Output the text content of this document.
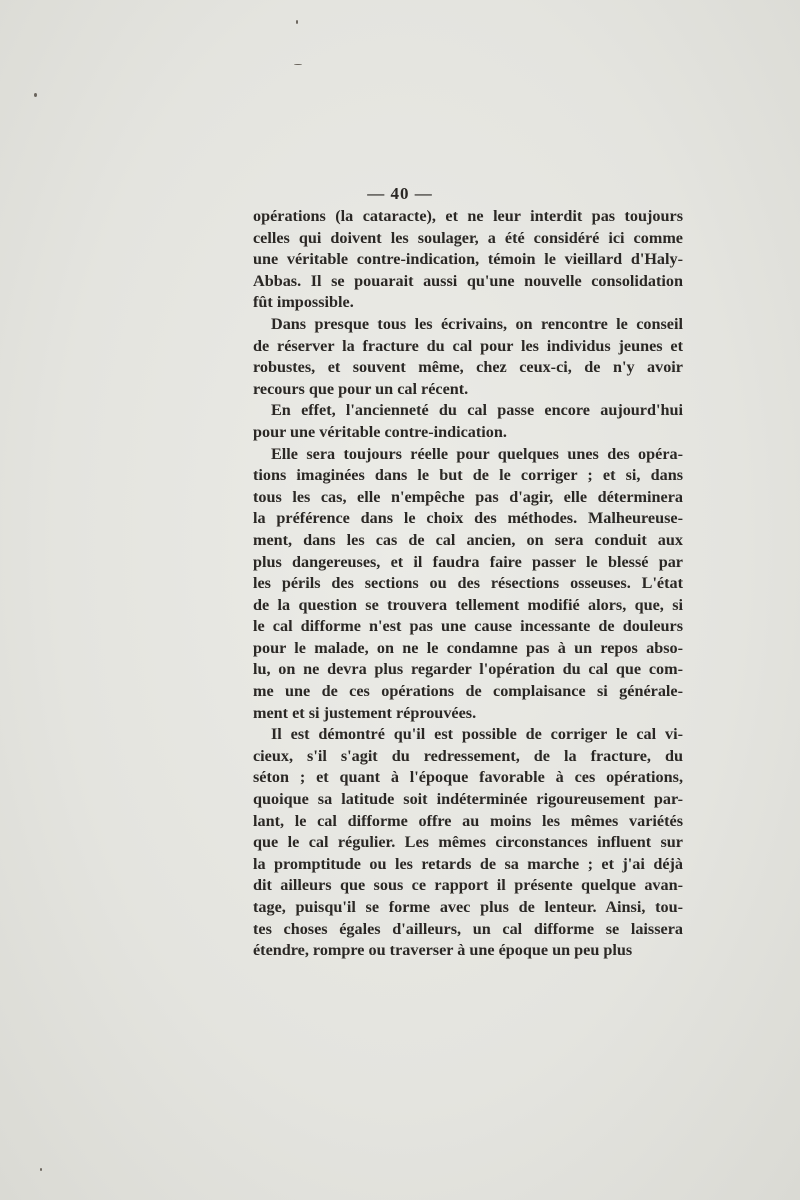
— 40 —
opérations (la cataracte), et ne leur interdit pas toujours
celles qui doivent les soulager, a été considéré ici comme
une véritable contre-indication, témoin le vieillard d'Haly-
Abbas. Il se pouarait aussi qu'une nouvelle consolidation
fût impossible.
Dans presque tous les écrivains, on rencontre le conseil
de réserver la fracture du cal pour les individus jeunes et
robustes, et souvent même, chez ceux-ci, de n'y avoir
recours que pour un cal récent.
En effet, l'ancienneté du cal passe encore aujourd'hui
pour une véritable contre-indication.
Elle sera toujours réelle pour quelques unes des opéra-
tions imaginées dans le but de le corriger ; et si, dans
tous les cas, elle n'empêche pas d'agir, elle déterminera
la préférence dans le choix des méthodes. Malheureuse-
ment, dans les cas de cal ancien, on sera conduit aux
plus dangereuses, et il faudra faire passer le blessé par
les périls des sections ou des résections osseuses. L'état
de la question se trouvera tellement modifié alors, que, si
le cal difforme n'est pas une cause incessante de douleurs
pour le malade, on ne le condamne pas à un repos abso-
lu, on ne devra plus regarder l'opération du cal que com-
me une de ces opérations de complaisance si générale-
ment et si justement réprouvées.
Il est démontré qu'il est possible de corriger le cal vi-
cieux, s'il s'agit du redressement, de la fracture, du
séton ; et quant à l'époque favorable à ces opérations,
quoique sa latitude soit indéterminée rigoureusement par-
lant, le cal difforme offre au moins les mêmes variétés
que le cal régulier. Les mêmes circonstances influent sur
la promptitude ou les retards de sa marche ; et j'ai déjà
dit ailleurs que sous ce rapport il présente quelque avan-
tage, puisqu'il se forme avec plus de lenteur. Ainsi, tou-
tes choses égales d'ailleurs, un cal difforme se laissera
étendre, rompre ou traverser à une époque un peu plus
